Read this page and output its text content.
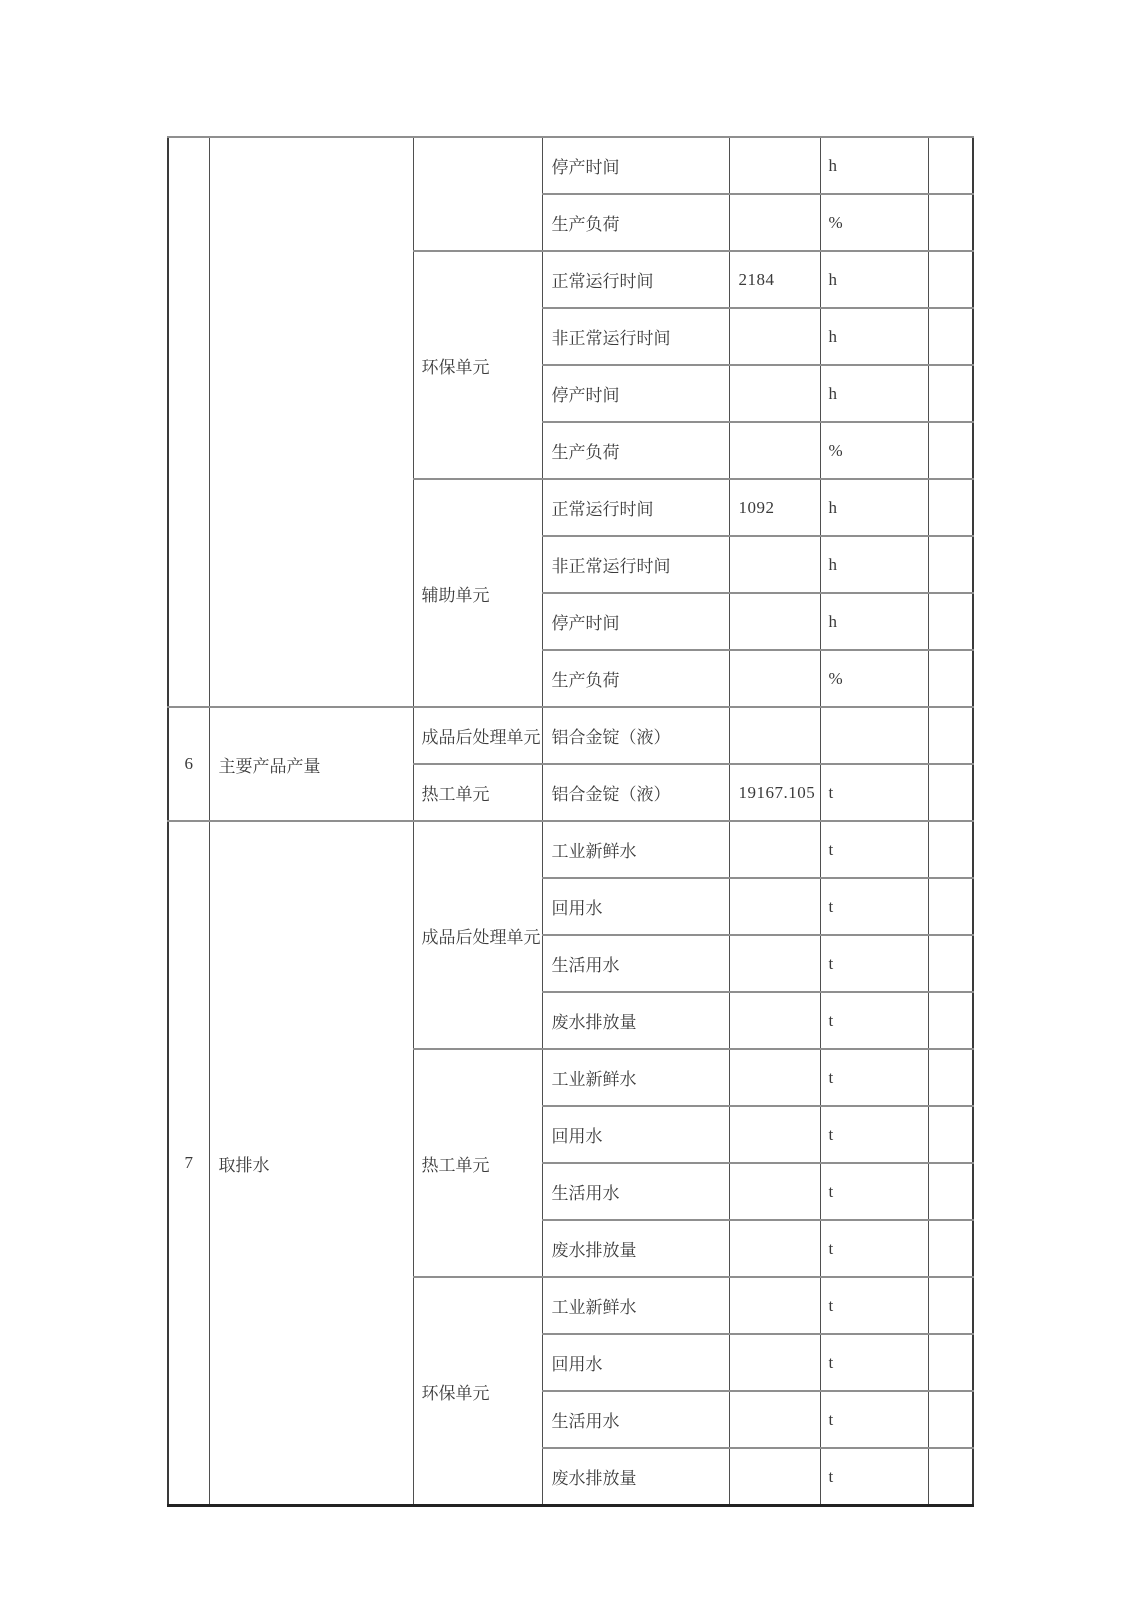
			停产时间		h	
			生产负荷		%	
		环保单元	正常运行时间	2184	h	
			非正常运行时间		h	
			停产时间		h	
			生产负荷		%	
		辅助单元	正常运行时间	1092	h	
			非正常运行时间		h	
			停产时间		h	
			生产负荷		%	
6	主要产品产量	成品后处理单元	铝合金锭（液）			
		热工单元	铝合金锭（液）	19167.105	t	
7	取排水	成品后处理单元	工业新鲜水		t	
			回用水		t	
			生活用水		t	
			废水排放量		t	
		热工单元	工业新鲜水		t	
			回用水		t	
			生活用水		t	
			废水排放量		t	
		环保单元	工业新鲜水		t	
			回用水		t	
			生活用水		t	
			废水排放量		t	
